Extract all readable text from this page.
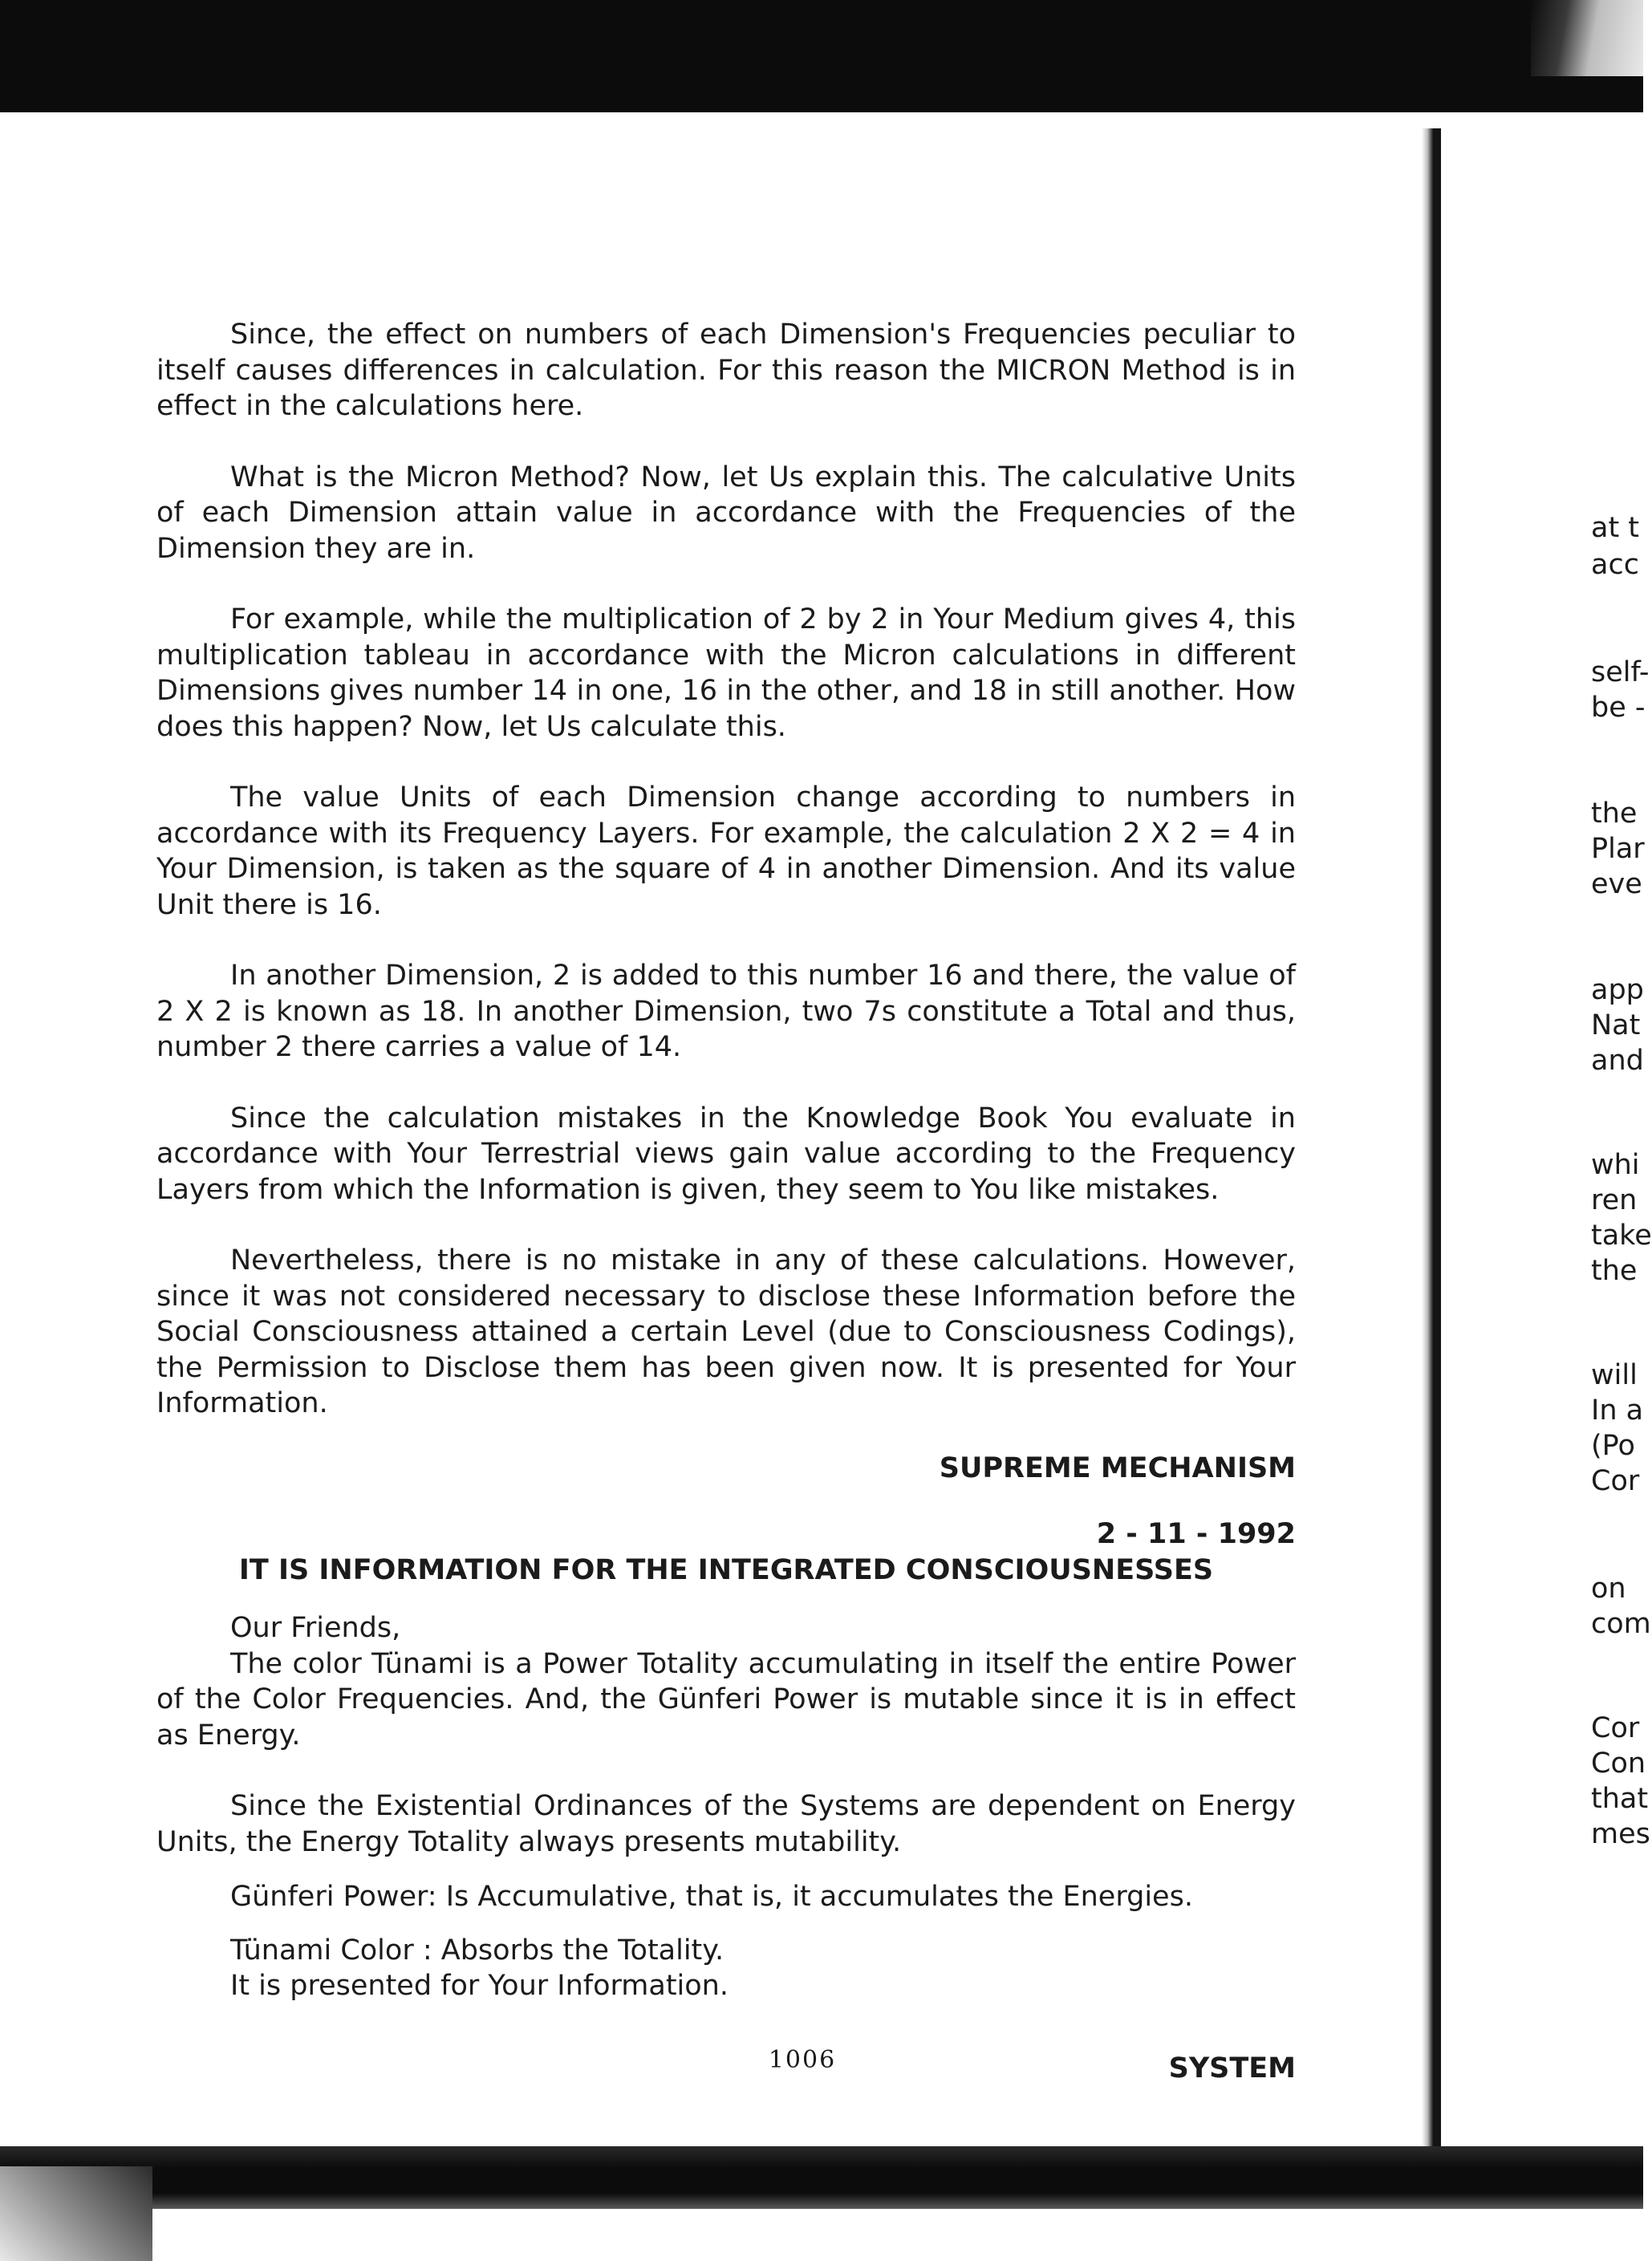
Since, the effect on numbers of each Dimension's Frequencies peculiar to itself causes differences in calculation. For this reason the MICRON Method is in effect in the calculations here.

What is the Micron Method? Now, let Us explain this. The calculative Units of each Dimension attain value in accordance with the Frequencies of the Dimension they are in.

For example, while the multiplication of 2 by 2 in Your Medium gives 4, this multiplication tableau in accordance with the Micron calculations in different Dimensions gives number 14 in one, 16 in the other, and 18 in still another. How does this happen? Now, let Us calculate this.

The value Units of each Dimension change according to numbers in accordance with its Frequency Layers. For example, the calculation 2 X 2 = 4 in Your Dimension, is taken as the square of 4 in another Dimension. And its value Unit there is 16.

In another Dimension, 2 is added to this number 16 and there, the value of 2 X 2 is known as 18. In another Dimension, two 7s constitute a Total and thus, number 2 there carries a value of 14.

Since the calculation mistakes in the Knowledge Book You evaluate in accordance with Your Terrestrial views gain value according to the Frequency Layers from which the Information is given, they seem to You like mistakes.

Nevertheless, there is no mistake in any of these calculations. However, since it was not considered necessary to disclose these Information before the Social Consciousness attained a certain Level (due to Consciousness Codings), the Permission to Disclose them has been given now. It is presented for Your Information.

SUPREME MECHANISM

2 - 11 - 1992

IT IS INFORMATION FOR THE INTEGRATED CONSCIOUSNESSES

Our Friends,

The color Tünami is a Power Totality accumulating in itself the entire Power of the Color Frequencies. And, the Günferi Power is mutable since it is in effect as Energy.

Since the Existential Ordinances of the Systems are dependent on Energy Units, the Energy Totality always presents mutability.

Günferi Power: Is Accumulative, that is, it accumulates the Energies.

Tünami Color : Absorbs the Totality.

It is presented for Your Information.

SYSTEM

1006
at t
acc
self-
be -
the
Plar
eve
app
Nat
and
whi
ren
take
the
will
In a
(Po
Cor
on
com
Cor
Con
that
mes
